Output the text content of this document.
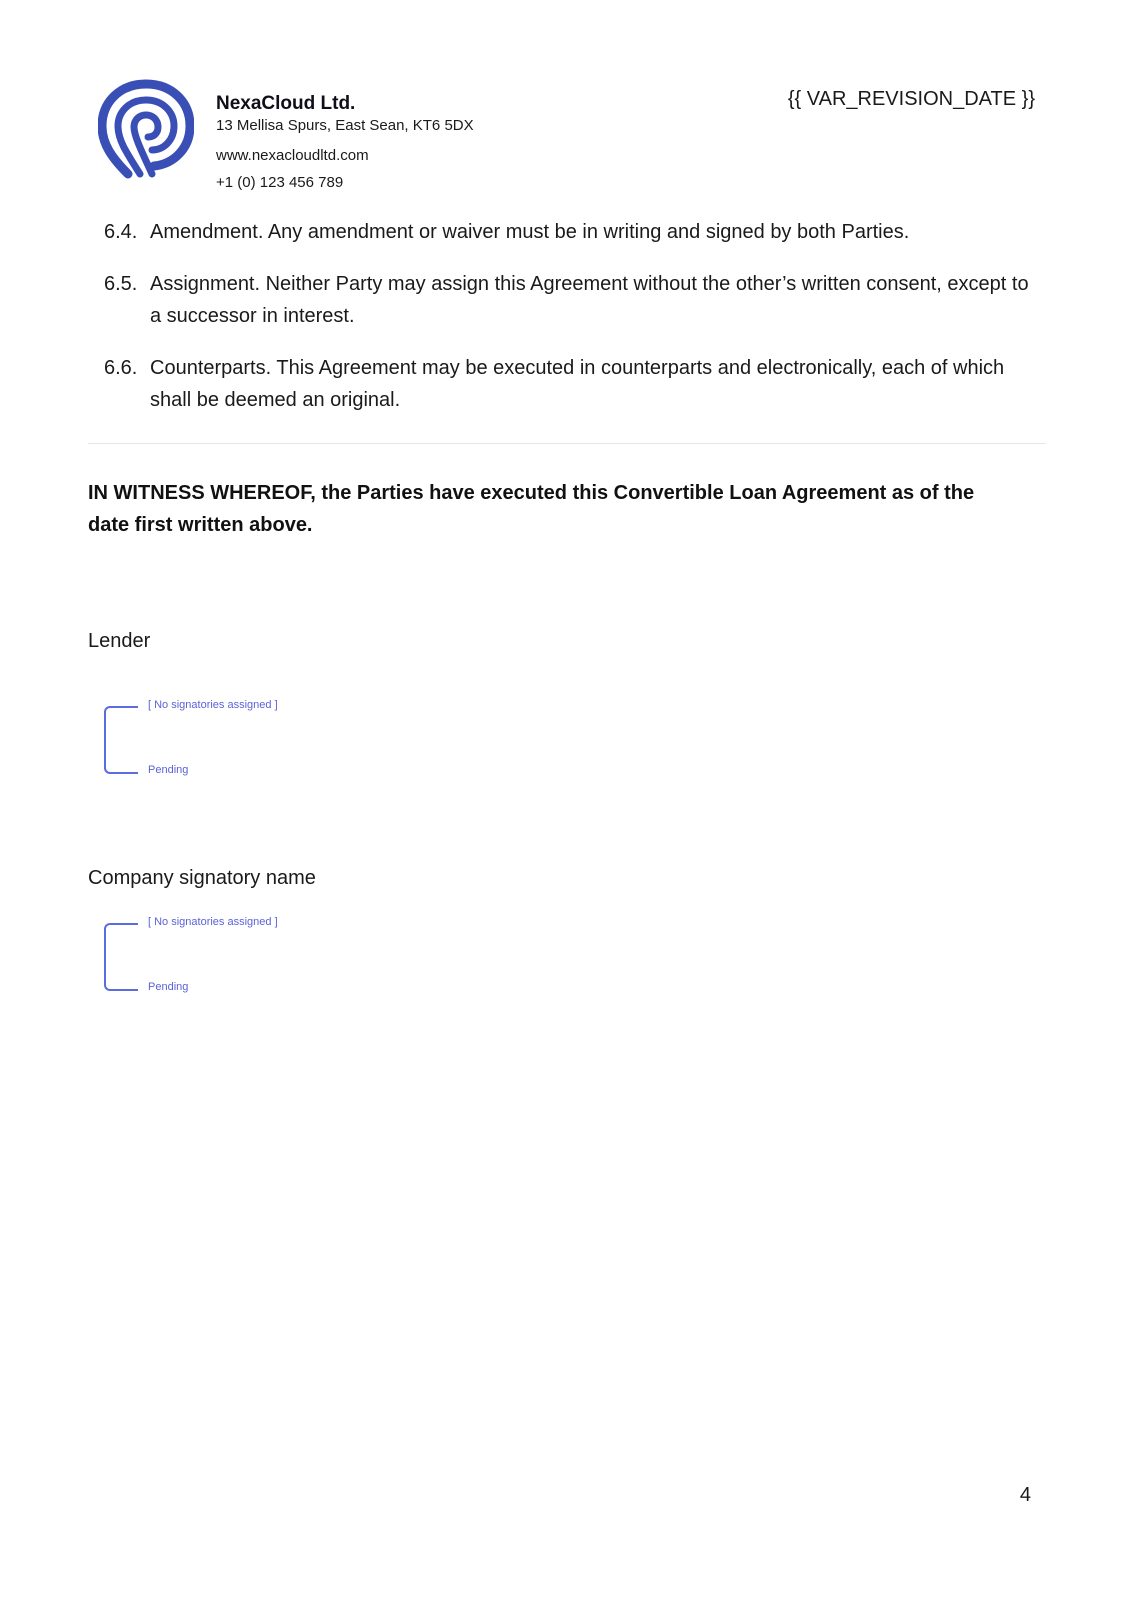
NexaCloud Ltd.
13 Mellisa Spurs, East Sean, KT6 5DX
www.nexacloudltd.com
+1 (0) 123 456 789
{{ VAR_REVISION_DATE }}
6.4. Amendment. Any amendment or waiver must be in writing and signed by both Parties.
6.5. Assignment. Neither Party may assign this Agreement without the other’s written consent, except to a successor in interest.
6.6. Counterparts. This Agreement may be executed in counterparts and electronically, each of which shall be deemed an original.
IN WITNESS WHEREOF, the Parties have executed this Convertible Loan Agreement as of the date first written above.
Lender
[ No signatories assigned ]
Pending
Company signatory name
[ No signatories assigned ]
Pending
4
